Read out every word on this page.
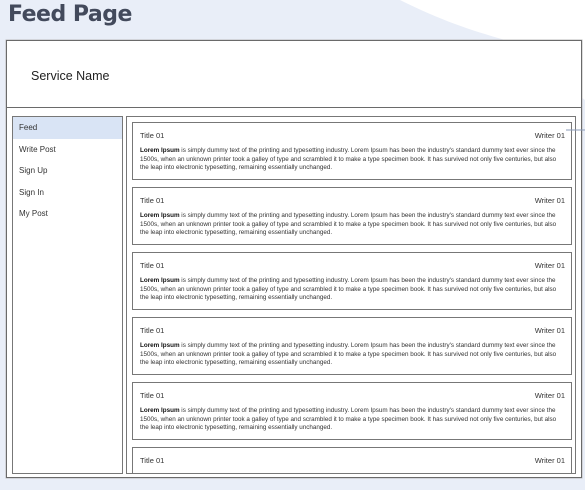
Feed Page
Service Name
Feed
Write Post
Sign Up
Sign In
My Post
Title 01	Writer 01
Lorem Ipsum is simply dummy text of the printing and typesetting industry. Lorem Ipsum has been the industry's standard dummy text ever since the 1500s, when an unknown printer took a galley of type and scrambled it to make a type specimen book. It has survived not only five centuries, but also the leap into electronic typesetting, remaining essentially unchanged.
Title 01	Writer 01
Lorem Ipsum is simply dummy text of the printing and typesetting industry. Lorem Ipsum has been the industry's standard dummy text ever since the 1500s, when an unknown printer took a galley of type and scrambled it to make a type specimen book. It has survived not only five centuries, but also the leap into electronic typesetting, remaining essentially unchanged.
Title 01	Writer 01
Lorem Ipsum is simply dummy text of the printing and typesetting industry. Lorem Ipsum has been the industry's standard dummy text ever since the 1500s, when an unknown printer took a galley of type and scrambled it to make a type specimen book. It has survived not only five centuries, but also the leap into electronic typesetting, remaining essentially unchanged.
Title 01	Writer 01
Lorem Ipsum is simply dummy text of the printing and typesetting industry. Lorem Ipsum has been the industry's standard dummy text ever since the 1500s, when an unknown printer took a galley of type and scrambled it to make a type specimen book. It has survived not only five centuries, but also the leap into electronic typesetting, remaining essentially unchanged.
Title 01	Writer 01
Lorem Ipsum is simply dummy text of the printing and typesetting industry. Lorem Ipsum has been the industry's standard dummy text ever since the 1500s, when an unknown printer took a galley of type and scrambled it to make a type specimen book. It has survived not only five centuries, but also the leap into electronic typesetting, remaining essentially unchanged.
Title 01	Writer 01
